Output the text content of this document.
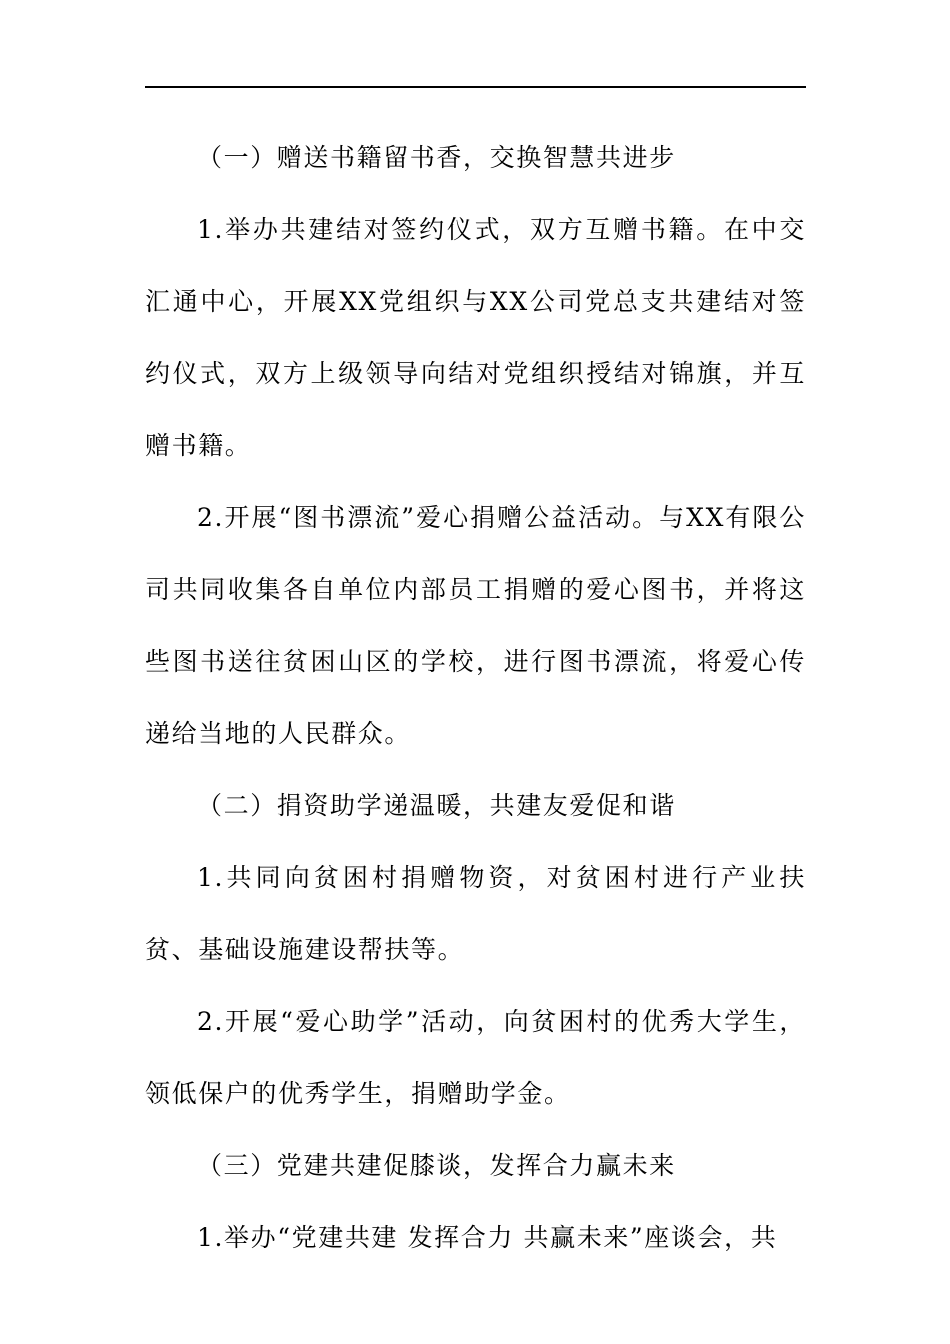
（一）赠送书籍留书香，交换智慧共进步

1.举办共建结对签约仪式，双方互赠书籍。在中交汇通中心，开展XX党组织与XX公司党总支共建结对签约仪式，双方上级领导向结对党组织授结对锦旗，并互赠书籍。

2.开展“图书漂流”爱心捐赠公益活动。与XX有限公司共同收集各自单位内部员工捐赠的爱心图书，并将这些图书送往贫困山区的学校，进行图书漂流，将爱心传递给当地的人民群众。

（二）捐资助学递温暖，共建友爱促和谐

1.共同向贫困村捐赠物资，对贫困村进行产业扶贫、基础设施建设帮扶等。

2.开展“爱心助学”活动，向贫困村的优秀大学生，领低保户的优秀学生，捐赠助学金。

（三）党建共建促膝谈，发挥合力赢未来

1.举办“党建共建 发挥合力 共赢未来”座谈会，共
